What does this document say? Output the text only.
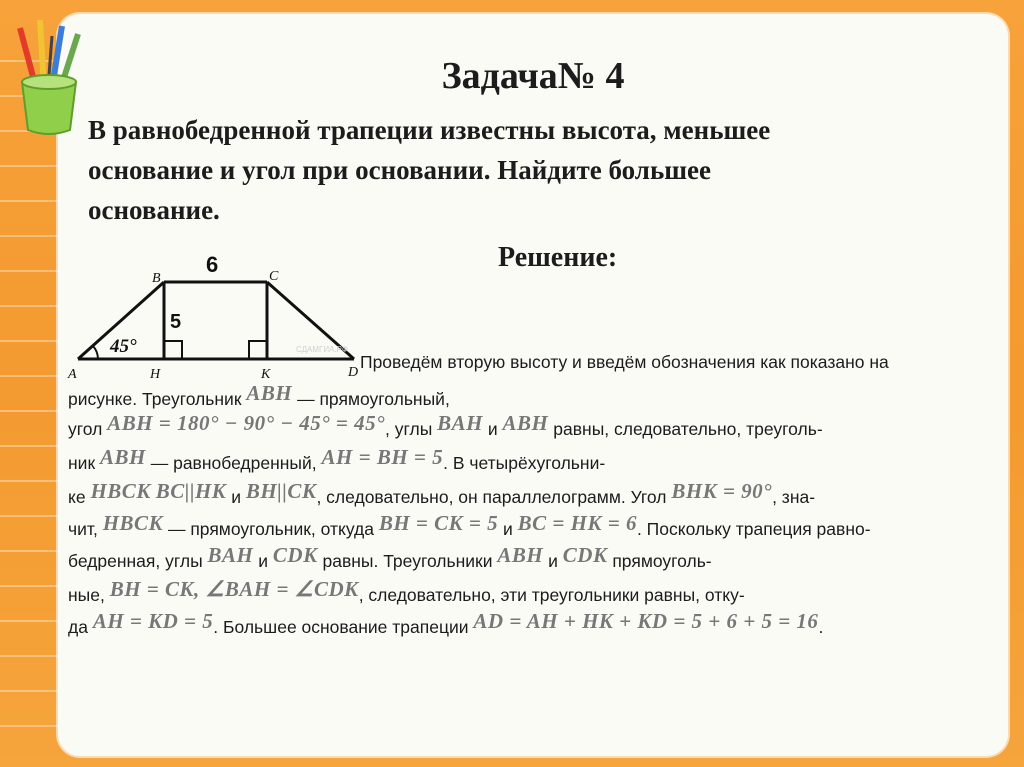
Задача№ 4
В равнобедренной трапеции известны высота, меньшее
основание и угол при основании. Найдите большее
основание.
Решение:
6
5
45°
A
B	C
D
H	K
СДАМГИА.РФ
Проведём вторую высоту и введём обозначения как показано на
рисунке. Треугольник ABH — прямоугольный,
угол ABH = 180° − 90° − 45° = 45°, углы BAH и ABH равны, следовательно, треуголь-
ник ABH — равнобедренный, AH = BH = 5. В четырёхугольни-
ке HBCK BC||HK и BH||CK, следовательно, он параллелограмм. Угол BHK = 90°, зна-
чит, HBCK — прямоугольник, откуда BH = CK = 5 и BC = HK = 6. Поскольку трапеция равно-
бедренная, углы BAH и CDK равны. Треугольники ABH и CDK прямоуголь-
ные, BH = CK, ∠BAH = ∠CDK, следовательно, эти треугольники равны, отку-
да AH = KD = 5. Большее основание трапеции AD = AH + HK + KD = 5 + 6 + 5 = 16.
